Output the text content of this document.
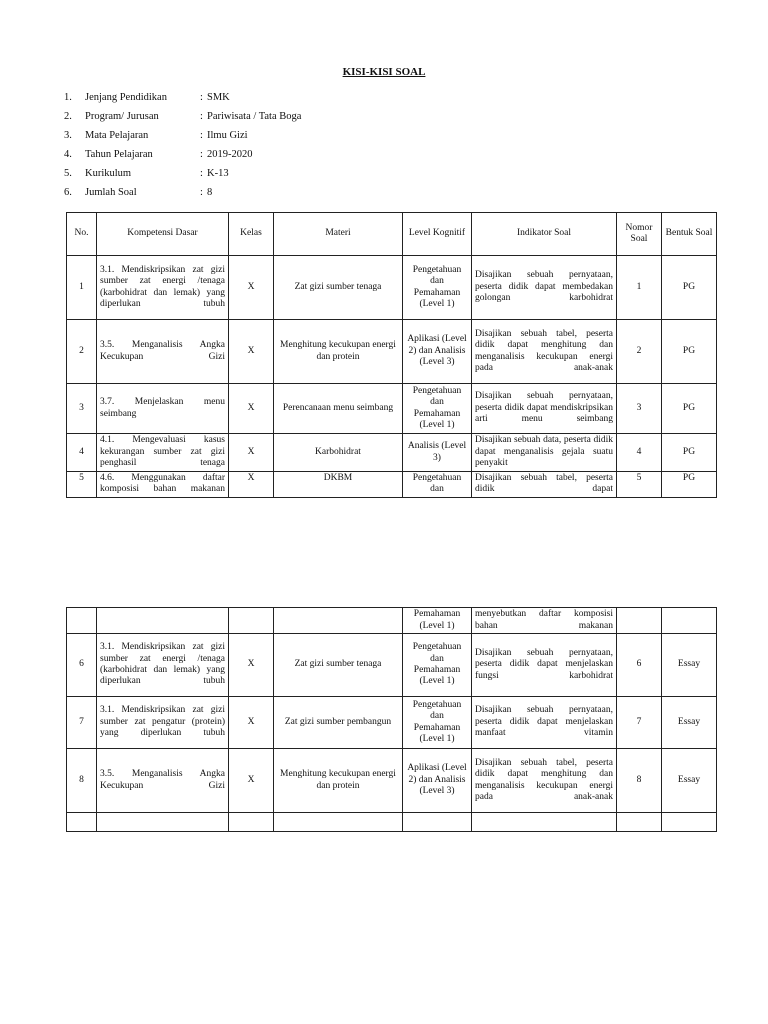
KISI-KISI SOAL
1. Jenjang Pendidikan	: SMK
2. Program/ Jurusan	: Pariwisata / Tata Boga
3. Mata Pelajaran	: Ilmu Gizi
4. Tahun Pelajaran	: 2019-2020
5. Kurikulum	: K-13
6. Jumlah Soal	: 8
No.	Kompetensi Dasar	Kelas	Materi	Level Kognitif	Indikator Soal	Nomor Soal	Bentuk Soal
1	3.1. Mendiskripsikan zat gizi sumber zat energi /tenaga (karbohidrat dan lemak) yang diperlukan tubuh	X	Zat gizi sumber tenaga	Pengetahuan dan Pemahaman (Level 1)	Disajikan sebuah pernyataan, peserta didik dapat membedakan golongan karbohidrat	1	PG
2	3.5. Menganalisis Angka Kecukupan Gizi	X	Menghitung kecukupan energi dan protein	Aplikasi (Level 2) dan Analisis (Level 3)	Disajikan sebuah tabel, peserta didik dapat menghitung dan menganalisis kecukupan energi pada anak-anak	2	PG
3	3.7. Menjelaskan menu seimbang	X	Perencanaan menu seimbang	Pengetahuan dan Pemahaman (Level 1)	Disajikan sebuah pernyataan, peserta didik dapat mendiskripsikan arti menu seimbang	3	PG
4	4.1. Mengevaluasi kasus kekurangan sumber zat gizi penghasil tenaga	X	Karbohidrat	Analisis (Level 3)	Disajikan sebuah data, peserta didik dapat menganalisis gejala suatu penyakit	4	PG
5	4.6. Menggunakan daftar komposisi bahan makanan	X	DKBM	Pengetahuan dan	Disajikan sebuah tabel, peserta didik dapat	5	PG
				Pemahaman (Level 1)	menyebutkan daftar komposisi bahan makanan		
6	3.1. Mendiskripsikan zat gizi sumber zat energi /tenaga (karbohidrat dan lemak) yang diperlukan tubuh	X	Zat gizi sumber tenaga	Pengetahuan dan Pemahaman (Level 1)	Disajikan sebuah pernyataan, peserta didik dapat menjelaskan fungsi karbohidrat	6	Essay
7	3.1. Mendiskripsikan zat gizi sumber zat pengatur (protein) yang diperlukan tubuh	X	Zat gizi sumber pembangun	Pengetahuan dan Pemahaman (Level 1)	Disajikan sebuah pernyataan, peserta didik dapat menjelaskan manfaat vitamin	7	Essay
8	3.5. Menganalisis Angka Kecukupan Gizi	X	Menghitung kecukupan energi dan protein	Aplikasi (Level 2) dan Analisis (Level 3)	Disajikan sebuah tabel, peserta didik dapat menghitung dan menganalisis kecukupan energi pada anak-anak	8	Essay
